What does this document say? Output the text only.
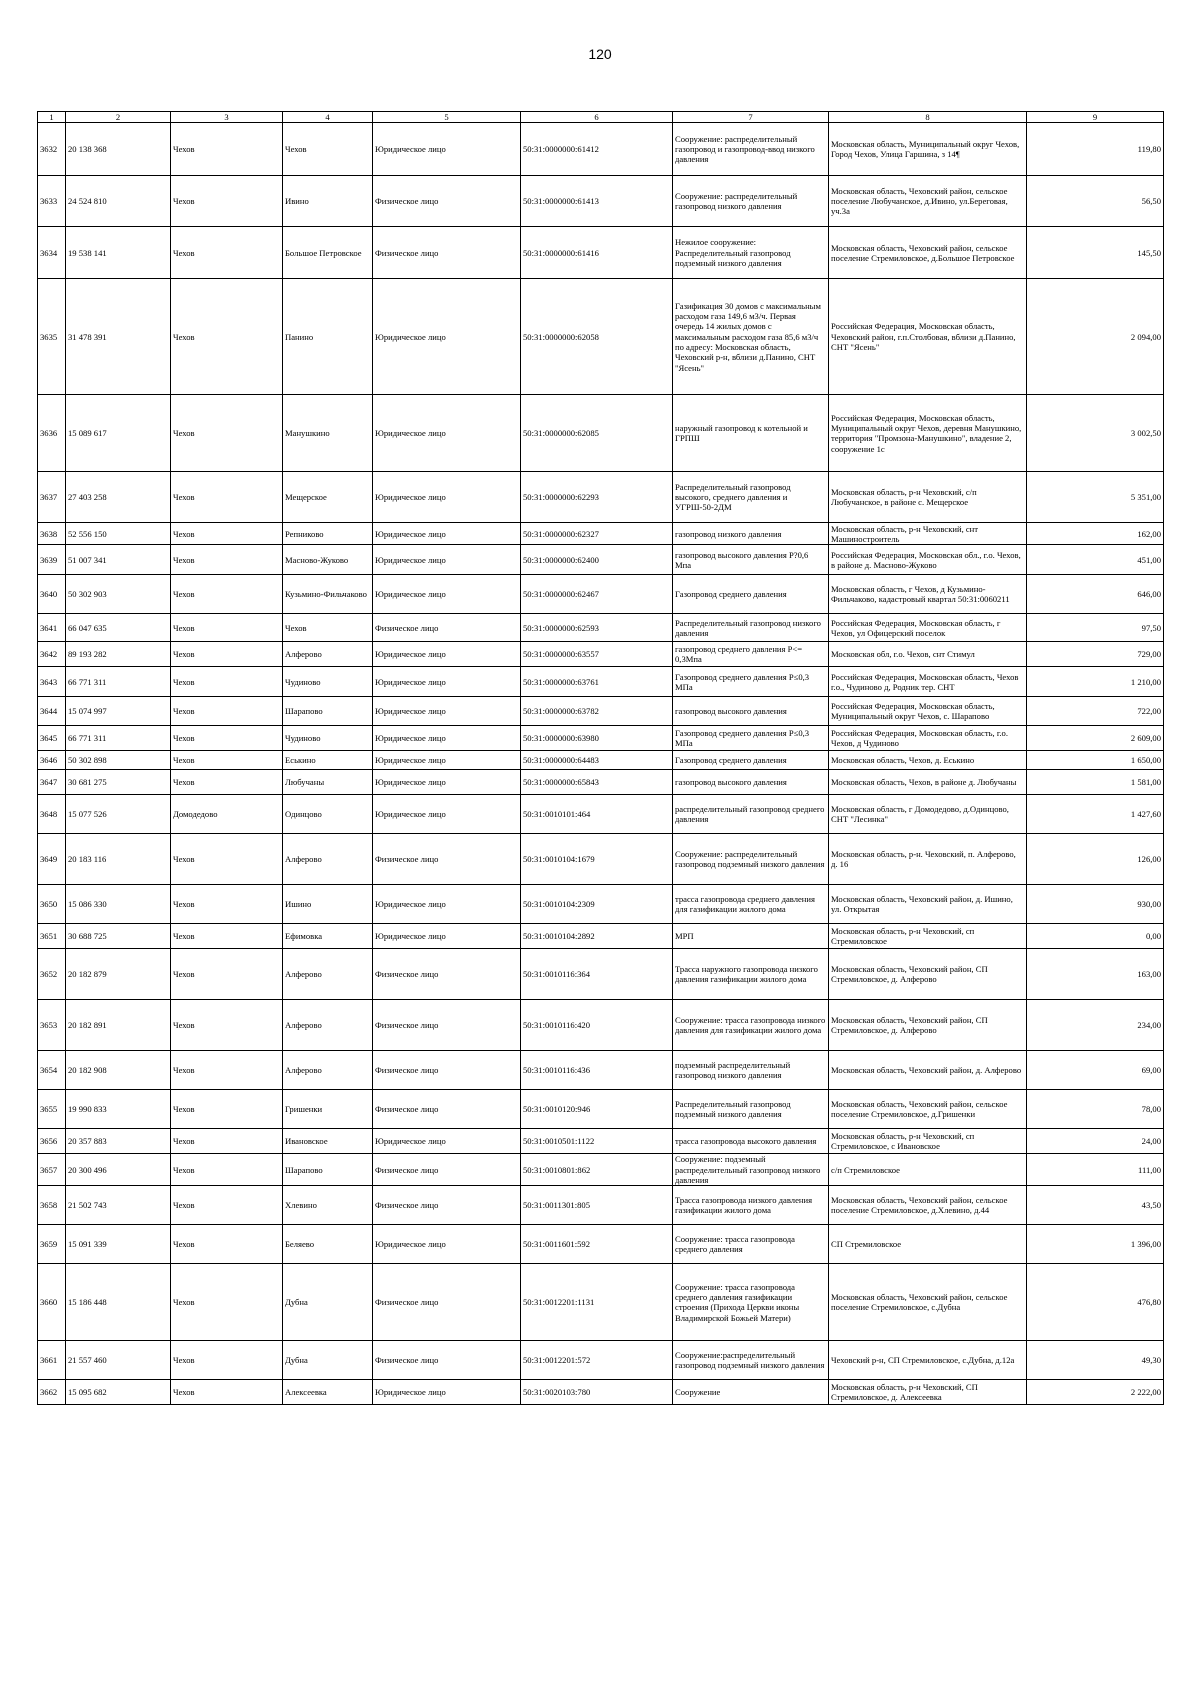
120
1	2	3	4	5	6	7	8	9
3632	20 138 368	Чехов	Чехов	Юридическое лицо	50:31:0000000:61412	Сооружение: распределительный газопровод и газопровод-ввод низкого давления	Московская область, Муниципальный округ Чехов, Город Чехов, Улица Гаршина, з 14¶	119,80
3633	24 524 810	Чехов	Ивино	Физическое лицо	50:31:0000000:61413	Сооружение: распределительный газопровод низкого давления	Московская область, Чеховский район, сельское поселение Любучанское, д.Ивино, ул.Береговая, уч.3а	56,50
3634	19 538 141	Чехов	Большое Петровское	Физическое лицо	50:31:0000000:61416	Нежилое сооружение: Распределительный газопровод подземный низкого давления	Московская область, Чеховский район, сельское поселение Стремиловское, д.Большое Петровское	145,50
3635	31 478 391	Чехов	Панино	Юридическое лицо	50:31:0000000:62058	Газификация 30 домов с максимальным расходом газа 149,6 м3/ч. Первая очередь 14 жилых домов с максимальным расходом газа 85,6 м3/ч по адресу: Московская область, Чеховский р-н, вблизи д.Панино, СНТ "Ясень"	Российская Федерация, Московская область, Чеховский район, г.п.Столбовая, вблизи д.Панино, СНТ "Ясень"	2 094,00
3636	15 089 617	Чехов	Манушкино	Юридическое лицо	50:31:0000000:62085	наружный газопровод к котельной и ГРПШ	Российская Федерация, Московская область, Муниципальный округ Чехов, деревня Манушкино, территория "Промзона-Манушкино", владение 2, сооружение 1с	3 002,50
3637	27 403 258	Чехов	Мещерское	Юридическое лицо	50:31:0000000:62293	Распределительный газопровод высокого, среднего давления и УГРШ-50-2ДМ	Московская область, р-н Чеховский, с/п Любучанское, в районе с. Мещерское	5 351,00
3638	52 556 150	Чехов	Репниково	Юридическое лицо	50:31:0000000:62327	газопровод низкого давления	Московская область, р-н Чеховский, снт Машиностроитель	162,00
3639	51 007 341	Чехов	Масново-Жуково	Юридическое лицо	50:31:0000000:62400	газопровод высокого давления P?0,6 Мпа	Российская Федерация, Московская обл., г.о. Чехов, в районе д. Масново-Жуково	451,00
3640	50 302 903	Чехов	Кузьмино-Фильчаково	Юридическое лицо	50:31:0000000:62467	Газопровод среднего давления	Московская область, г Чехов, д Кузьмино-Фильчаково, кадастровый квартал 50:31:0060211	646,00
3641	66 047 635	Чехов	Чехов	Физическое лицо	50:31:0000000:62593	Распределительный газопровод низкого давления	Российская Федерация, Московская область, г Чехов, ул Офицерский поселок	97,50
3642	89 193 282	Чехов	Алферово	Юридическое лицо	50:31:0000000:63557	газопровод среднего давления P<= 0,3Мпа	Московская обл, г.о. Чехов, снт Стимул	729,00
3643	66 771 311	Чехов	Чудиново	Юридическое лицо	50:31:0000000:63761	Газопровод среднего давления P≤0,3 МПа	Российская Федерация, Московская область, Чехов г.о., Чудиново д, Родник тер. СНТ	1 210,00
3644	15 074 997	Чехов	Шарапово	Юридическое лицо	50:31:0000000:63782	газопровод высокого давления	Российская Федерация, Московская область, Муниципальный округ Чехов, с. Шарапово	722,00
3645	66 771 311	Чехов	Чудиново	Юридическое лицо	50:31:0000000:63980	Газопровод среднего давления P≤0,3 МПа	Российская Федерация, Московская область, г.о. Чехов, д Чудиново	2 609,00
3646	50 302 898	Чехов	Еськино	Юридическое лицо	50:31:0000000:64483	Газопровод среднего давления	Московская область, Чехов, д. Еськино	1 650,00
3647	30 681 275	Чехов	Любучаны	Юридическое лицо	50:31:0000000:65843	газопровод высокого давления	Московская область, Чехов, в районе д. Любучаны	1 581,00
3648	15 077 526	Домодедово	Одинцово	Юридическое лицо	50:31:0010101:464	распределительный газопровод среднего давления	Московская область, г Домодедово, д.Одинцово, СНТ "Лесинка"	1 427,60
3649	20 183 116	Чехов	Алферово	Физическое лицо	50:31:0010104:1679	Сооружение: распределительный газопровод подземный низкого давления	Московская область, р-н. Чеховский, п. Алферово, д. 16	126,00
3650	15 086 330	Чехов	Ишино	Юридическое лицо	50:31:0010104:2309	трасса газопровода среднего давления для газификации жилого дома	Московская область, Чеховский район, д. Ишино, ул. Открытая	930,00
3651	30 688 725	Чехов	Ефимовка	Юридическое лицо	50:31:0010104:2892	МРП	Московская область, р-н Чеховский, сп Стремиловское	0,00
3652	20 182 879	Чехов	Алферово	Физическое лицо	50:31:0010116:364	Трасса наружного газопровода низкого давления газификации жилого дома	Московская область, Чеховский район, СП Стремиловское, д. Алферово	163,00
3653	20 182 891	Чехов	Алферово	Физическое лицо	50:31:0010116:420	Сооружение: трасса газопровода низкого давления для газификации жилого дома	Московская область, Чеховский район, СП Стремиловское, д. Алферово	234,00
3654	20 182 908	Чехов	Алферово	Физическое лицо	50:31:0010116:436	подземный распределительный газопровод низкого давления	Московская область, Чеховский район, д. Алферово	69,00
3655	19 990 833	Чехов	Гришенки	Физическое лицо	50:31:0010120:946	Распределительный газопровод подземный низкого давления	Московская область, Чеховский район, сельское поселение Стремиловское, д.Гришенки	78,00
3656	20 357 883	Чехов	Ивановское	Юридическое лицо	50:31:0010501:1122	трасса газопровода высокого давления	Московская область, р-н Чеховский, сп Стремиловское, с Ивановское	24,00
3657	20 300 496	Чехов	Шарапово	Физическое лицо	50:31:0010801:862	Сооружение: подземный распределительный газопровод низкого давления	с/п Стремиловское	111,00
3658	21 502 743	Чехов	Хлевино	Физическое лицо	50:31:0011301:805	Трасса газопровода низкого давления газификации жилого дома	Московская область, Чеховский район, сельское поселение Стремиловское, д.Хлевино, д.44	43,50
3659	15 091 339	Чехов	Беляево	Юридическое лицо	50:31:0011601:592	Сооружение: трасса газопровода среднего давления	СП Стремиловское	1 396,00
3660	15 186 448	Чехов	Дубна	Физическое лицо	50:31:0012201:1131	Сооружение: трасса газопровода среднего давления газификации строения (Прихода Церкви иконы Владимирской Божьей Матери)	Московская область, Чеховский район, сельское поселение Стремиловское, с.Дубна	476,80
3661	21 557 460	Чехов	Дубна	Физическое лицо	50:31:0012201:572	Сооружение:распределительный газопровод подземный низкого давления	Чеховский р-н, СП Стремиловское, с.Дубна, д.12а	49,30
3662	15 095 682	Чехов	Алексеевка	Юридическое лицо	50:31:0020103:780	Сооружение	Московская область, р-н Чеховский, СП Стремиловское, д. Алексеевка	2 222,00
